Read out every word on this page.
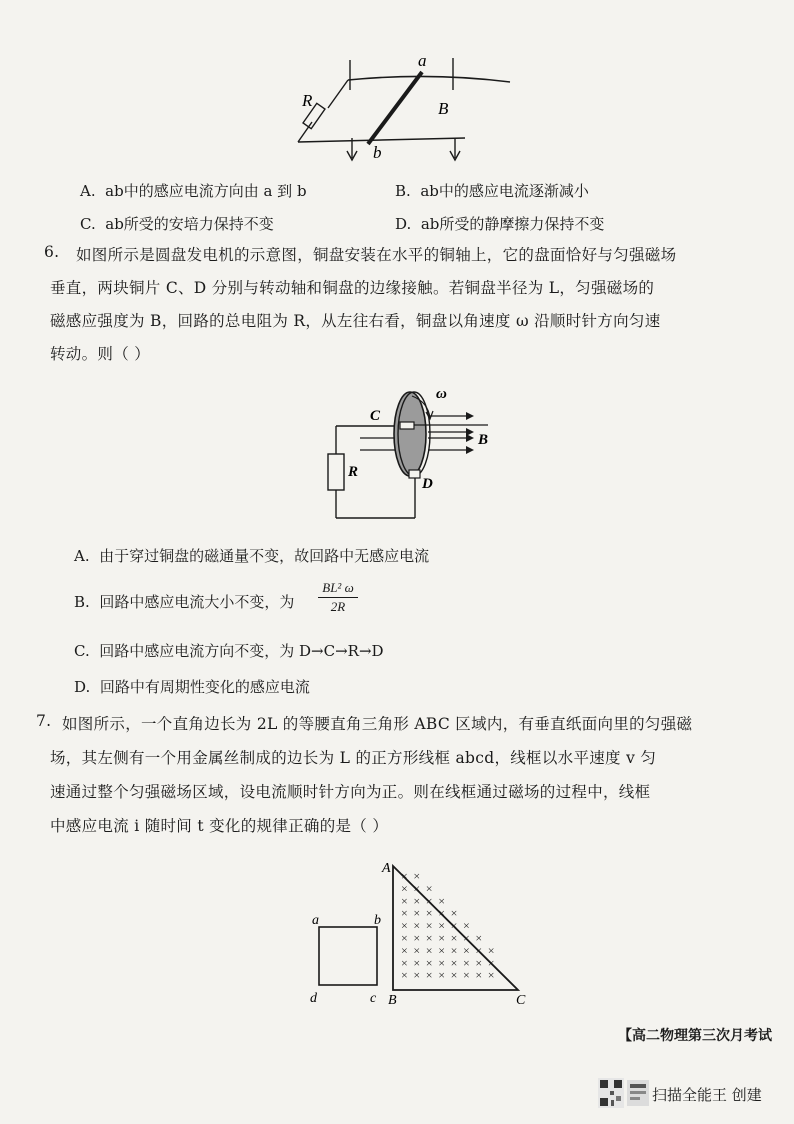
a
b
R	B
A. ab中的感应电流方向由 a 到 b	B. ab中的感应电流逐渐减小
C. ab所受的安培力保持不变	D. ab所受的静摩擦力保持不变
6. 如图所示是圆盘发电机的示意图，铜盘安装在水平的铜轴上，它的盘面恰好与匀强磁场
垂直，两块铜片 C、D 分别与转动轴和铜盘的边缘接触。若铜盘半径为 L，匀强磁场的
磁感应强度为 B，回路的总电阻为 R，从左往右看，铜盘以角速度 ω 沿顺时针方向匀速
转动。则（ ）
ω
C
B
R
D
A. 由于穿过铜盘的磁通量不变，故回路中无感应电流
B. 回路中感应电流大小不变，为
BL² ω
2R
C. 回路中感应电流方向不变，为 D→C→R→D
D. 回路中有周期性变化的感应电流
7. 如图所示，一个直角边长为 2L 的等腰直角三角形 ABC 区域内，有垂直纸面向里的匀强磁
场，其左侧有一个用金属丝制成的边长为 L 的正方形线框 abcd，线框以水平速度 v 匀
速通过整个匀强磁场区域，设电流顺时针方向为正。则在线框通过磁场的过程中，线框
中感应电流 i 随时间 t 变化的规律正确的是（ ）
× ×
× × ×
× × × ×
× × × × ×
× × × × × ×
× × × × × × ×
× × × × × × × ×
× × × × × × × ×
× × × × × × × ×
a	b
d	c
A
B	C
【高二物理第三次月考试
扫描全能王 创建
